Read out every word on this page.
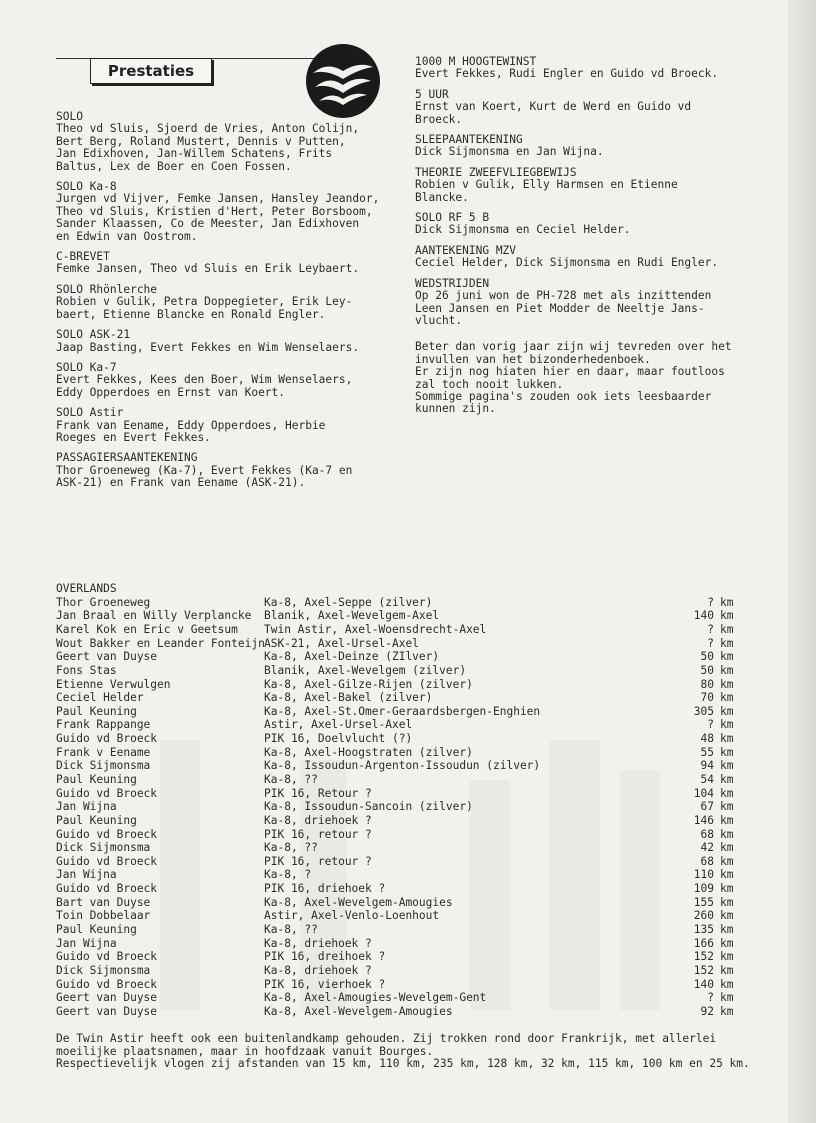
Prestaties
SOLO
Theo vd Sluis, Sjoerd de Vries, Anton Colijn,
Bert Berg, Roland Mustert, Dennis v Putten,
Jan Edixhoven, Jan-Willem Schatens, Frits
Baltus, Lex de Boer en Coen Fossen.
SOLO Ka-8
Jurgen vd Vijver, Femke Jansen, Hansley Jeandor,
Theo vd Sluis, Kristien d'Hert, Peter Borsboom,
Sander Klaassen, Co de Meester, Jan Edixhoven
en Edwin van Oostrom.
C-BREVET
Femke Jansen, Theo vd Sluis en Erik Leybaert.
SOLO Rhönlerche
Robien v Gulik, Petra Doppegieter, Erik Ley-
baert, Etienne Blancke en Ronald Engler.
SOLO ASK-21
Jaap Basting, Evert Fekkes en Wim Wenselaers.
SOLO Ka-7
Evert Fekkes, Kees den Boer, Wim Wenselaers,
Eddy Opperdoes en Ernst van Koert.
SOLO Astir
Frank van Eename, Eddy Opperdoes, Herbie
Roeges en Evert Fekkes.
PASSAGIERSAANTEKENING
Thor Groeneweg (Ka-7), Evert Fekkes (Ka-7 en
ASK-21) en Frank van Eename (ASK-21).
1000 M HOOGTEWINST
Evert Fekkes, Rudi Engler en Guido vd Broeck.
5 UUR
Ernst van Koert, Kurt de Werd en Guido vd
Broeck.
SLEEPAANTEKENING
Dick Sijmonsma en Jan Wijna.
THEORIE ZWEEFVLIEGBEWIJS
Robien v Gulik, Elly Harmsen en Etienne
Blancke.
SOLO RF 5 B
Dick Sijmonsma en Ceciel Helder.
AANTEKENING MZV
Ceciel Helder, Dick Sijmonsma en Rudi Engler.
WEDSTRIJDEN
Op 26 juni won de PH-728 met als inzittenden
Leen Jansen en Piet Modder de Neeltje Jans-
vlucht.
Beter dan vorig jaar zijn wij tevreden over het
invullen van het bizonderhedenboek.
Er zijn nog hiaten hier en daar, maar foutloos
zal toch nooit lukken.
Sommige pagina's zouden ook iets leesbaarder
kunnen zijn.
OVERLANDS
Thor Groeneweg	Ka-8, Axel-Seppe (zilver)	? km
Jan Braal en Willy Verplancke Blanik, Axel-Wevelgem-Axel	140 km
Karel Kok en Eric v Geetsum Twin Astir, Axel-Woensdrecht-Axel	? km
Wout Bakker en Leander Fonteijn ASK-21, Axel-Ursel-Axel	? km
Geert van Duyse	Ka-8, Axel-Deinze (ZIlver)	50 km
Fons Stas	Blanik, Axel-Wevelgem (zilver)	50 km
Etienne Verwulgen	Ka-8, Axel-Gilze-Rijen (zilver)	80 km
Ceciel Helder	Ka-8, Axel-Bakel (zilver)	70 km
Paul Keuning	Ka-8, Axel-St.Omer-Geraardsbergen-Enghien	305 km
Frank Rappange	Astir, Axel-Ursel-Axel	? km
Guido vd Broeck	PIK 16, Doelvlucht (?)	48 km
Frank v Eename	Ka-8, Axel-Hoogstraten (zilver)	55 km
Dick Sijmonsma	Ka-8, Issoudun-Argenton-Issoudun (zilver)	94 km
Paul Keuning	Ka-8, ??	54 km
Guido vd Broeck	PIK 16, Retour ?	104 km
Jan Wijna	Ka-8, Issoudun-Sancoin (zilver)	67 km
Paul Keuning	Ka-8, driehoek ?	146 km
Guido vd Broeck	PIK 16, retour ?	68 km
Dick Sijmonsma	Ka-8, ??	42 km
Guido vd Broeck	PIK 16, retour ?	68 km
Jan Wijna	Ka-8, ?	110 km
Guido vd Broeck	PIK 16, driehoek ?	109 km
Bart van Duyse	Ka-8, Axel-Wevelgem-Amougies	155 km
Toin Dobbelaar	Astir, Axel-Venlo-Loenhout	260 km
Paul Keuning	Ka-8, ??	135 km
Jan Wijna	Ka-8, driehoek ?	166 km
Guido vd Broeck	PIK 16, dreihoek ?	152 km
Dick Sijmonsma	Ka-8, driehoek ?	152 km
Guido vd Broeck	PIK 16, vierhoek ?	140 km
Geert van Duyse	Ka-8, Axel-Amougies-Wevelgem-Gent	? km
Geert van Duyse	Ka-8, Axel-Wevelgem-Amougies	92 km
De Twin Astir heeft ook een buitenlandkamp gehouden. Zij trokken rond door Frankrijk, met allerlei
moeilijke plaatsnamen, maar in hoofdzaak vanuit Bourges.
Respectievelijk vlogen zij afstanden van 15 km, 110 km, 235 km, 128 km, 32 km, 115 km, 100 km en 25 km.
